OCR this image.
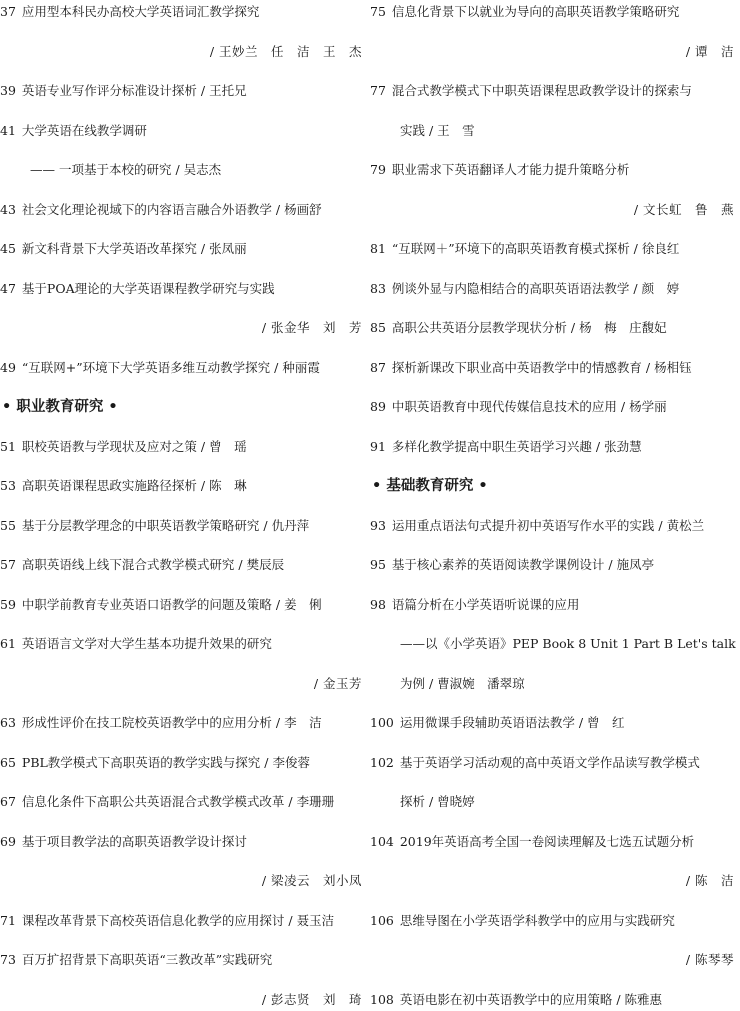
37 应用型本科民办高校大学英语词汇教学探究
/ 王妙兰　任　洁　王　杰
39 英语专业写作评分标准设计探析 / 王托兄
41 大学英语在线教学调研
—— 一项基于本校的研究 / 吴志杰
43 社会文化理论视域下的内容语言融合外语教学 / 杨画舒
45 新文科背景下大学英语改革探究 / 张凤丽
47 基于POA理论的大学英语课程教学研究与实践
/ 张金华　刘　芳
49 “互联网+”环境下大学英语多维互动教学探究 / 种丽霞
• 职业教育研究 •
51 职校英语教与学现状及应对之策 / 曾　瑶
53 高职英语课程思政实施路径探析 / 陈　琳
55 基于分层教学理念的中职英语教学策略研究 / 仇丹萍
57 高职英语线上线下混合式教学模式研究 / 樊辰辰
59 中职学前教育专业英语口语教学的问题及策略 / 姜　俐
61 英语语言文学对大学生基本功提升效果的研究
/ 金玉芳
63 形成性评价在技工院校英语教学中的应用分析 / 李　洁
65 PBL教学模式下高职英语的教学实践与探究 / 李俊蓉
67 信息化条件下高职公共英语混合式教学模式改革 / 李珊珊
69 基于项目教学法的高职英语教学设计探讨
/ 梁凌云　刘小凤
71 课程改革背景下高校英语信息化教学的应用探讨 / 聂玉洁
73 百万扩招背景下高职英语“三教改革”实践研究
/ 彭志贤　刘　琦
75 信息化背景下以就业为导向的高职英语教学策略研究
/ 谭　洁
77 混合式教学模式下中职英语课程思政教学设计的探索与
实践 / 王　雪
79 职业需求下英语翻译人才能力提升策略分析
/ 文长虹　鲁　燕
81 “互联网＋”环境下的高职英语教育模式探析 / 徐良红
83 例谈外显与内隐相结合的高职英语语法教学 / 颜　婷
85 高职公共英语分层教学现状分析 / 杨　梅　庄馥妃
87 探析新课改下职业高中英语教学中的情感教育 / 杨相钰
89 中职英语教育中现代传媒信息技术的应用 / 杨学丽
91 多样化教学提高中职生英语学习兴趣 / 张劲慧
• 基础教育研究 •
93 运用重点语法句式提升初中英语写作水平的实践 / 黄松兰
95 基于核心素养的英语阅读教学课例设计 / 施凤亭
98 语篇分析在小学英语听说课的应用
——以《小学英语》PEP Book 8 Unit 1 Part B Let's talk
为例 / 曹淑婉　潘翠琼
100 运用微课手段辅助英语语法教学 / 曾　红
102 基于英语学习活动观的高中英语文学作品读写教学模式
探析 / 曾晓婷
104 2019年英语高考全国一卷阅读理解及七选五试题分析
/ 陈　洁
106 思维导图在小学英语学科教学中的应用与实践研究
/ 陈琴琴
108 英语电影在初中英语教学中的应用策略 / 陈雅惠
